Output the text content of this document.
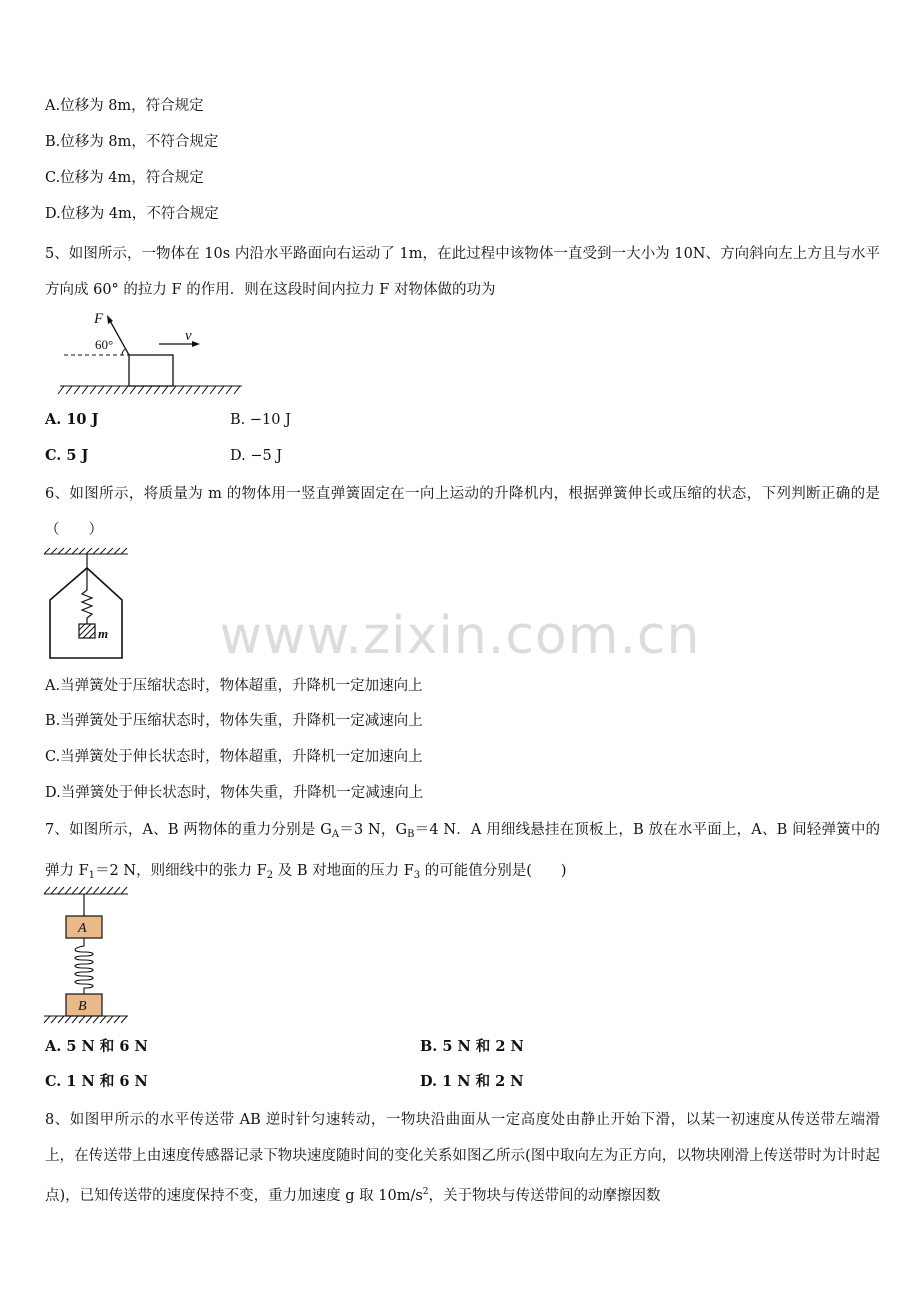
www.zixin.com.cn
A.位移为 8m，符合规定
B.位移为 8m，不符合规定
C.位移为 4m，符合规定
D.位移为 4m，不符合规定
5、如图所示，一物体在 10s 内沿水平路面向右运动了 1m，在此过程中该物体一直受到一大小为 10N、方向斜向左上方且与水平方向成 60° 的拉力 F 的作用．则在这段时间内拉力 F 对物体做的功为
F
60°
v
A. 10 J	B. −10 J
C. 5 J	D. −5 J
6、如图所示，将质量为 m 的物体用一竖直弹簧固定在一向上运动的升降机内，根据弹簧伸长或压缩的状态，下列判断正确的是（　　）
m
A.当弹簧处于压缩状态时，物体超重，升降机一定加速向上
B.当弹簧处于压缩状态时，物体失重，升降机一定减速向上
C.当弹簧处于伸长状态时，物体超重，升降机一定加速向上
D.当弹簧处于伸长状态时，物体失重，升降机一定减速向上
7、如图所示，A、B 两物体的重力分别是 $G_A=3$ N，$G_B=4$ N．A 用细线悬挂在顶板上，B 放在水平面上，A、B 间轻弹簧中的弹力 $F_1=2$ N，则细线中的张力 $F_2$ 及 B 对地面的压力 $F_3$ 的可能值分别是(　　)
A
B
A. 5 N 和 6 N	B. 5 N 和 2 N
C. 1 N 和 6 N	D. 1 N 和 2 N
8、如图甲所示的水平传送带 AB 逆时针匀速转动，一物块沿曲面从一定高度处由静止开始下滑，以某一初速度从传送带左端滑上，在传送带上由速度传感器记录下物块速度随时间的变化关系如图乙所示(图中取向左为正方向，以物块刚滑上传送带时为计时起点)，已知传送带的速度保持不变，重力加速度 g 取 $10m/s^2$，关于物块与传送带间的动摩擦因数
